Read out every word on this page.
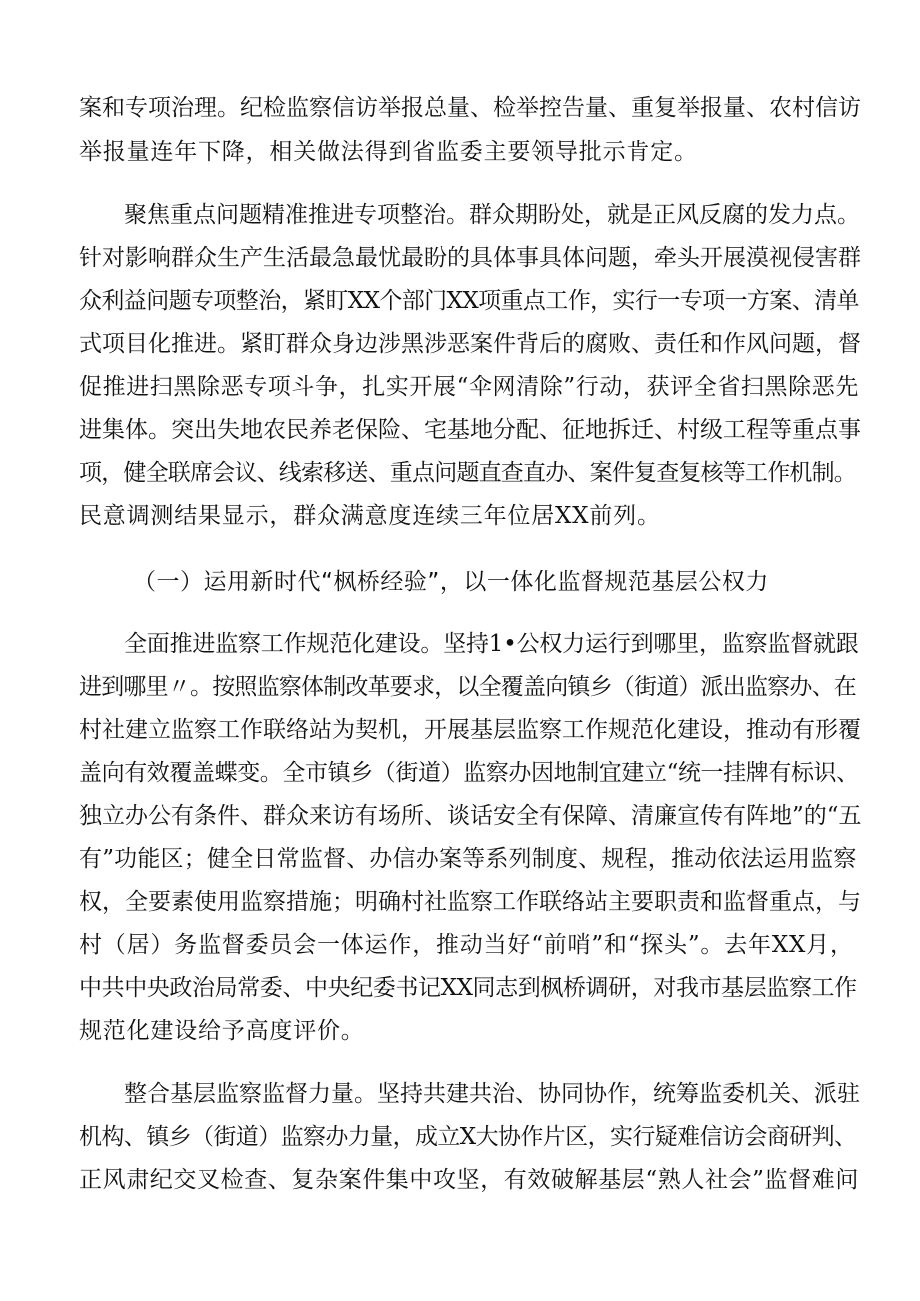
案和专项治理。纪检监察信访举报总量、检举控告量、重复举报量、农村信访
举报量连年下降，相关做法得到省监委主要领导批示肯定。
聚焦重点问题精准推进专项整治。群众期盼处，就是正风反腐的发力点。
针对影响群众生产生活最急最忧最盼的具体事具体问题，牵头开展漠视侵害群
众利益问题专项整治，紧盯XX个部门XX项重点工作，实行一专项一方案、清单
式项目化推进。紧盯群众身边涉黑涉恶案件背后的腐败、责任和作风问题，督
促推进扫黑除恶专项斗争，扎实开展“伞网清除”行动，获评全省扫黑除恶先
进集体。突出失地农民养老保险、宅基地分配、征地拆迁、村级工程等重点事
项，健全联席会议、线索移送、重点问题直查直办、案件复查复核等工作机制。
民意调测结果显示，群众满意度连续三年位居XX前列。
（一）运用新时代“枫桥经验”，以一体化监督规范基层公权力
全面推进监察工作规范化建设。坚持1•公权力运行到哪里，监察监督就跟
进到哪里〃。按照监察体制改革要求，以全覆盖向镇乡（街道）派出监察办、在
村社建立监察工作联络站为契机，开展基层监察工作规范化建设，推动有形覆
盖向有效覆盖蝶变。全市镇乡（街道）监察办因地制宜建立“统一挂牌有标识、
独立办公有条件、群众来访有场所、谈话安全有保障、清廉宣传有阵地”的“五
有”功能区；健全日常监督、办信办案等系列制度、规程，推动依法运用监察
权，全要素使用监察措施；明确村社监察工作联络站主要职责和监督重点，与
村（居）务监督委员会一体运作，推动当好“前哨”和“探头”。去年XX月，
中共中央政治局常委、中央纪委书记XX同志到枫桥调研，对我市基层监察工作
规范化建设给予高度评价。
整合基层监察监督力量。坚持共建共治、协同协作，统筹监委机关、派驻
机构、镇乡（街道）监察办力量，成立X大协作片区，实行疑难信访会商研判、
正风肃纪交叉检查、复杂案件集中攻坚，有效破解基层“熟人社会”监督难问
